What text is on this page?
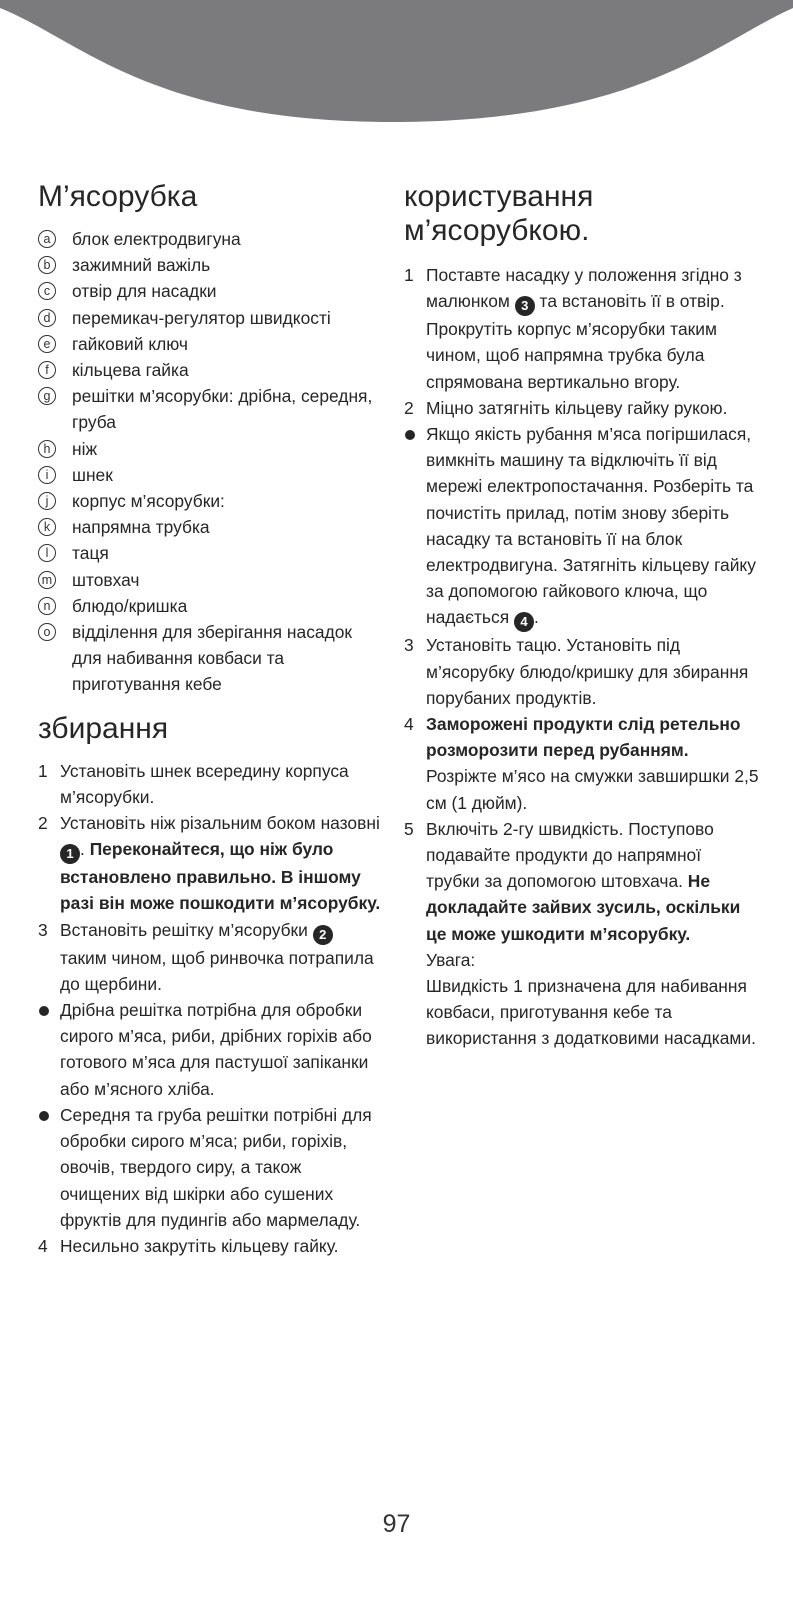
М’ясорубка
a	блок електродвигуна
b	зажимний важіль
c	отвір для насадки
d	перемикач-регулятор швидкості
e	гайковий ключ
f	кільцева гайка
g	решітки м’ясорубки: дрібна, середня, груба
h	ніж
i	шнек
j	корпус м’ясорубки:
k	напрямна трубка
l	таця
m штовхач
n	блюдо/кришка
o	відділення для зберігання насадок для набивання ковбаси та приготування кебе
збирання
1 Установіть шнек всередину корпуса м’ясорубки.
2 Установіть ніж різальним боком назовні 1 . Переконайтеся, що ніж було встановлено правильно. В іншому разі він може пошкодити м’ясорубку.
3 Встановіть решітку м’ясорубки 2 таким чином, щоб ринвочка потрапила до щербини.
Дрібна решітка потрібна для обробки сирого м’яса, риби, дрібних горіхів або готового м’яса для пастушої запіканки або м’ясного хліба.
Середня та груба решітки потрібні для обробки сирого м’яса; риби, горіхів, овочів, твердого сиру, а також очищених від шкірки або сушених фруктів для пудингів або мармеладу.
4 Несильно закрутіть кільцеву гайку.
користування м’ясорубкою.
1 Поставте насадку у положення згідно з малюнком 3 та встановіть її в отвір. Прокрутіть корпус м’ясорубки таким чином, щоб напрямна трубка була спрямована вертикально вгору.
2 Міцно затягніть кільцеву гайку рукою.
Якщо якість рубання м’яса погіршилася, вимкніть машину та відключіть її від мережі електропостачання. Розберіть та почистіть прилад, потім знову зберіть насадку та встановіть її на блок електродвигуна. Затягніть кільцеву гайку за допомогою гайкового ключа, що надається 4 .
3 Установіть тацю. Установіть під м’ясорубку блюдо/кришку для збирання порубаних продуктів.
4 Заморожені продукти слід ретельно розморозити перед рубанням. Розріжте м’ясо на смужки завширшки 2,5 см (1 дюйм).
5 Включіть 2-гу швидкість. Поступово подавайте продукти до напрямної трубки за допомогою штовхача. Не докладайте зайвих зусиль, оскільки це може ушкодити м’ясорубку.
Увага:
Швидкість 1 призначена для набивання ковбаси, приготування кебе та використання з додатковими насадками.
97
